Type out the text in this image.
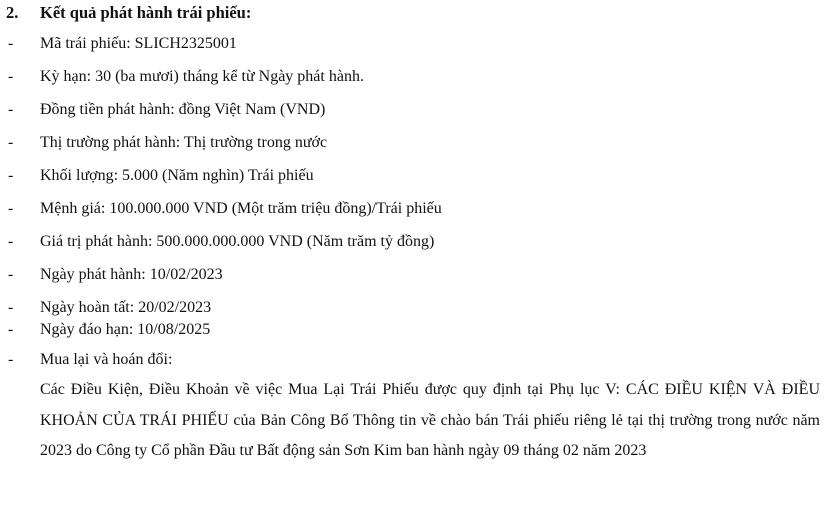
2. Kết quả phát hành trái phiếu:
- Mã trái phiếu: SLICH2325001
- Kỳ hạn: 30 (ba mươi) tháng kể từ Ngày phát hành.
- Đồng tiền phát hành: đồng Việt Nam (VND)
- Thị trường phát hành: Thị trường trong nước
- Khối lượng: 5.000 (Năm nghìn) Trái phiếu
- Mệnh giá: 100.000.000 VND (Một trăm triệu đồng)/Trái phiếu
- Giá trị phát hành: 500.000.000.000 VND (Năm trăm tỷ đồng)
- Ngày phát hành: 10/02/2023
- Ngày hoàn tất: 20/02/2023
- Ngày đáo hạn: 10/08/2025
- Mua lại và hoán đổi:
Các Điều Kiện, Điều Khoản về việc Mua Lại Trái Phiếu được quy định tại Phụ lục V: CÁC ĐIỀU KIỆN VÀ ĐIỀU KHOẢN CỦA TRÁI PHIẾU của Bản Công Bố Thông tin về chào bán Trái phiếu riêng lẻ tại thị trường trong nước năm 2023 do Công ty Cổ phần Đầu tư Bất động sản Sơn Kim ban hành ngày 09 tháng 02 năm 2023
